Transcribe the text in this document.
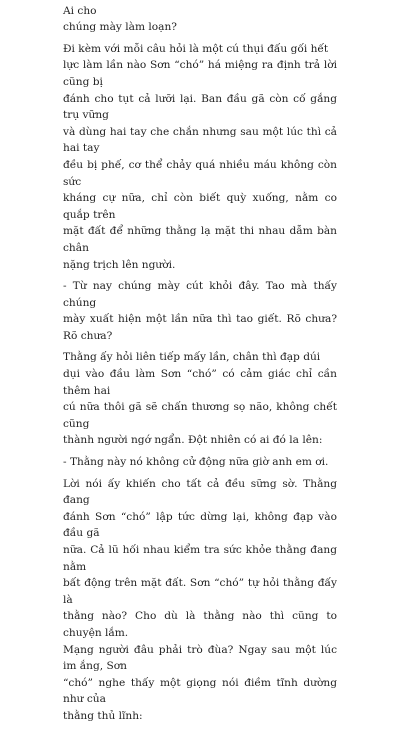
Ai cho
chúng mày làm loạn?
Đi kèm với mỗi câu hỏi là một cú thụi đấu gối hết
lực làm lần nào Sơn “chó” há miệng ra định trả lời cũng bị
đánh cho tụt cả lưỡi lại. Ban đầu gã còn cố gắng trụ vững
và dùng hai tay che chắn nhưng sau một lúc thì cả hai tay
đều bị phế, cơ thể chảy quá nhiều máu không còn sức
kháng cự nữa, chỉ còn biết quỳ xuống, nằm co quắp trên
mặt đất để những thằng lạ mặt thi nhau dẫm bàn chân
nặng trịch lên người.
- Từ nay chúng mày cút khỏi đây. Tao mà thấy chúng
mày xuất hiện một lần nữa thì tao giết. Rõ chưa? Rõ chưa?
Thằng ấy hỏi liên tiếp mấy lần, chân thì đạp dúi
dụi vào đầu làm Sơn “chó” có cảm giác chỉ cần thêm hai
cú nữa thôi gã sẽ chấn thương sọ não, không chết cũng
thành người ngớ ngẩn. Đột nhiên có ai đó la lên:
- Thằng này nó không cử động nữa giờ anh em ơi.
Lời nói ấy khiến cho tất cả đều sững sờ. Thằng đang
đánh Sơn “chó” lập tức dừng lại, không đạp vào đầu gã
nữa. Cả lũ hối nhau kiểm tra sức khỏe thằng đang nằm
bất động trên mặt đất. Sơn “chó” tự hỏi thằng đấy là
thằng nào? Cho dù là thằng nào thì cũng to chuyện lắm.
Mạng người đâu phải trò đùa? Ngay sau một lúc im ắng, Sơn
“chó” nghe thấy một giọng nói điềm tĩnh dường như của
thằng thủ lĩnh:
